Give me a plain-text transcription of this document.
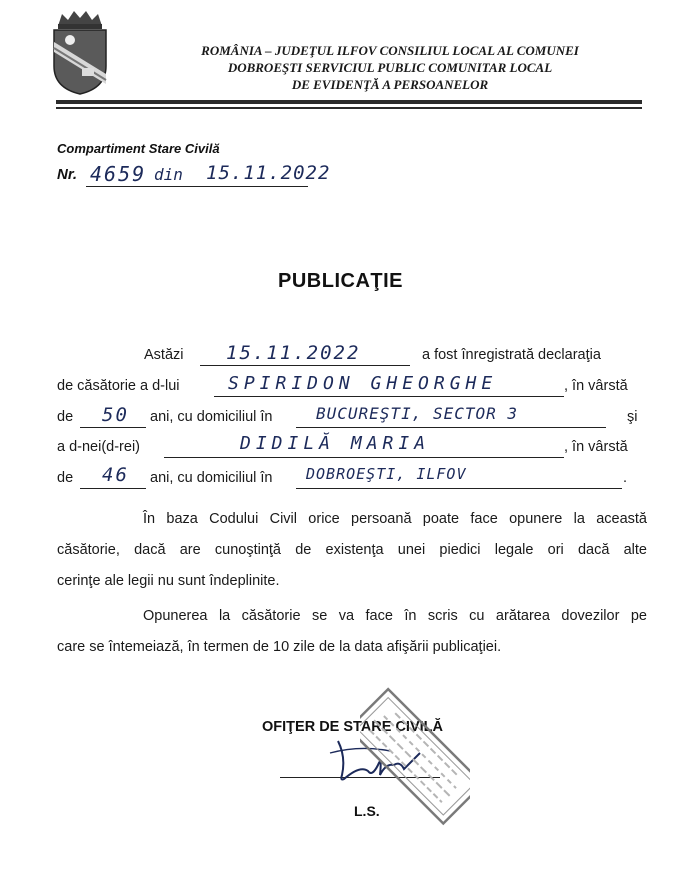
ROMÂNIA – JUDEŢUL ILFOV CONSILIUL LOCAL AL COMUNEI
DOBROEŞTI SERVICIUL PUBLIC COMUNITAR LOCAL
DE EVIDENŢĂ A PERSOANELOR
Compartiment Stare Civilă
Nr. 4659 din 15.11.2022
PUBLICAŢIE
Astăzi 15.11.2022	a fost înregistrată declaraţia
de căsătorie a d-lui	SPIRIDON GHEORGHE	, în vârstă
de 50 ani, cu domiciliul în	BUCUREŞTI, SECTOR 3	şi
a d-nei(d-rei)	DIDILĂ MARIA	, în vârstă
de 46 ani, cu domiciliul în DOBROEŞTI, ILFOV	.
În baza Codului Civil orice persoană poate face opunere la această
căsătorie, dacă are cunoştinţă de existenţa unei piedici legale ori dacă alte
cerinţe ale legii nu sunt îndeplinite.
Opunerea la căsătorie se va face în scris cu arătarea dovezilor pe
care se întemeiază, în termen de 10 zile de la data afişării publicaţiei.
OFIŢER DE STARE CIVILĂ
L.S.
